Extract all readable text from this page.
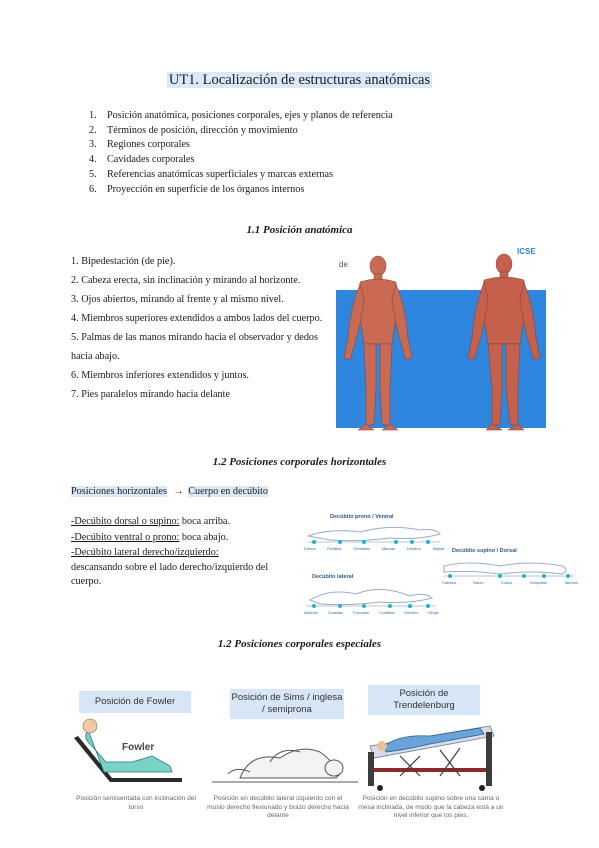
UT1. Localización de estructuras anatómicas
1. Posición anatómica, posiciones corporales, ejes y planos de referencia
2. Términos de posición, dirección y movimiento
3. Regiones corporales
4. Cavidades corporales
5. Referencias anatómicas superficiales y marcas externas
6. Proyección en superficie de los órganos internos
1.1 Posición anatómica
1. Bipedestación (de pie).
2. Cabeza erecta, sin inclinación y mirando al horizonte.
3. Ojos abiertos, mirando al frente y al mismo nivel.
4. Miembros superiores extendidos a ambos lados del cuerpo.
5. Palmas de las manos mirando hacia el observador y dedos hacia abajo.
6. Miembros inferiores extendidos y juntos.
7. Pies paralelos mirando hacia delante
de
ICSE
1.2 Posiciones corporales horizontales
Posiciones horizontales → Cuerpo en decúbito
-Decúbito dorsal o supino: boca arriba.
-Decúbito ventral o prono: boca abajo.
-Decúbito lateral derecho/izquierdo: descansando sobre el lado derecho/izquierdo del cuerpo.
Decúbito prono / Ventral
Dedos	Rodillas	Genitales	Mamas	Hombro	Mejilla Decúbito supino / Dorsal
Cabeza	Sacro	Codos	Omóplato	Talones
Decúbito lateral
Maleolo Costillas Trocánter Costillas Hombro Oreja
1.2 Posiciones corporales especiales
Posición de Fowler
Fowler
Posición semisentada con inclinación del torso
Posición de Sims / inglesa / semiprona
Posición en decúbito lateral izquierdo con el muslo derecho flexionado y brazo derecho hacia delante
Posición de Trendelenburg
Posición en decúbito supino sobre una cama o mesa inclinada, de modo que la cabeza está a un nivel inferior que los pies.
